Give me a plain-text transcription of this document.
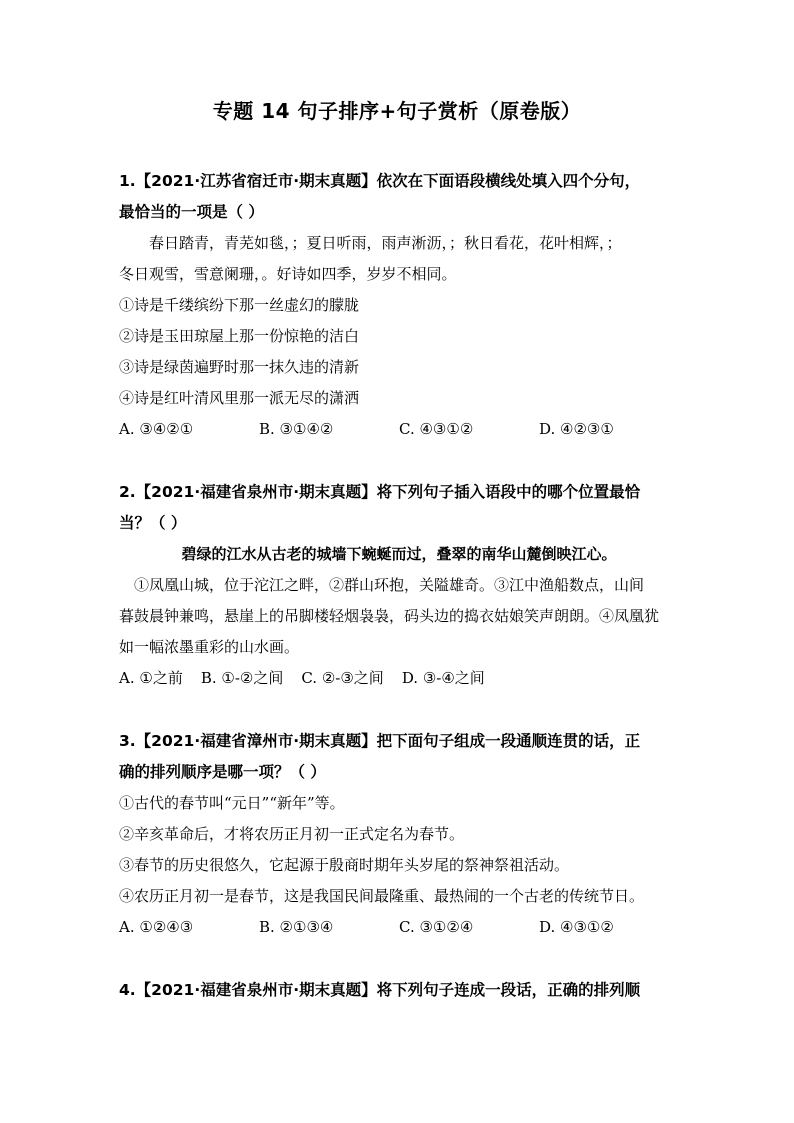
专题 14 句子排序+句子赏析（原卷版）
1.【2021·江苏省宿迁市·期末真题】依次在下面语段横线处填入四个分句，
最恰当的一项是（ ）
春日踏青，青芜如毯，；夏日听雨，雨声淅沥，；秋日看花，花叶相辉，；
冬日观雪，雪意阑珊，。好诗如四季，岁岁不相同。
①诗是千缕缤纷下那一丝虚幻的朦胧
②诗是玉田琼屋上那一份惊艳的洁白
③诗是绿茵遍野时那一抹久违的清新
④诗是红叶清风里那一派无尽的潇洒
A. ③④②①	B. ③①④②	C. ④③①②	D. ④②③①
2.【2021·福建省泉州市·期末真题】将下列句子插入语段中的哪个位置最恰
当？（ ）
碧绿的江水从古老的城墙下蜿蜒而过，叠翠的南华山麓倒映江心。
①凤凰山城，位于沱江之畔，②群山环抱，关隘雄奇。③江中渔船数点，山间
暮鼓晨钟兼鸣，悬崖上的吊脚楼轻烟袅袅，码头边的捣衣姑娘笑声朗朗。④凤凰犹
如一幅浓墨重彩的山水画。
A. ①之前 B. ①-②之间 C. ②-③之间 D. ③-④之间
3.【2021·福建省漳州市·期末真题】把下面句子组成一段通顺连贯的话，正
确的排列顺序是哪一项？（ ）
①古代的春节叫“元日”“新年”等。
②辛亥革命后，才将农历正月初一正式定名为春节。
③春节的历史很悠久，它起源于殷商时期年头岁尾的祭神祭祖活动。
④农历正月初一是春节，这是我国民间最隆重、最热闹的一个古老的传统节日。
A. ①②④③	B. ②①③④	C. ③①②④	D. ④③①②
4.【2021·福建省泉州市·期末真题】将下列句子连成一段话，正确的排列顺
